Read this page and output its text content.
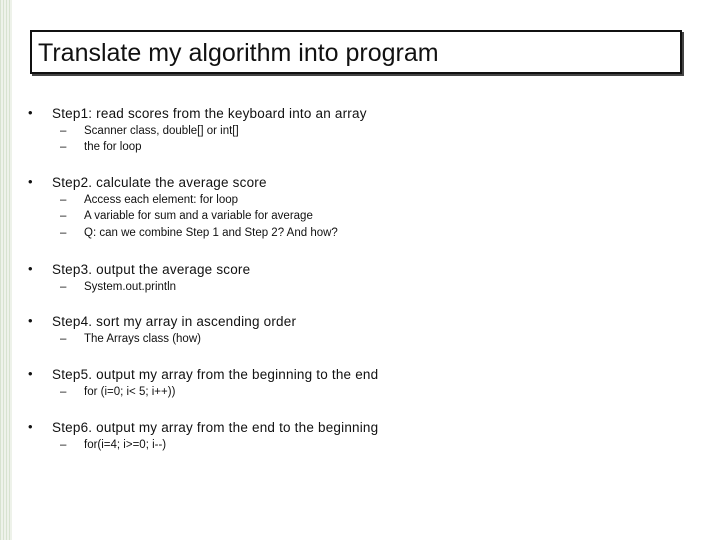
Translate my algorithm into program
• Step1: read scores from the keyboard into an array
– Scanner class, double[] or int[]
– the for loop
• Step2. calculate the average score
– Access each element: for loop
– A variable for sum and a variable for average
– Q: can we combine Step 1 and Step 2? And how?
• Step3. output the average score
– System.out.println
• Step4. sort my array in ascending order
– The Arrays class (how)
• Step5. output my array from the beginning to the end
– for (i=0; i< 5; i++))
• Step6. output my array from the end to the beginning
– for(i=4; i>=0; i--)
